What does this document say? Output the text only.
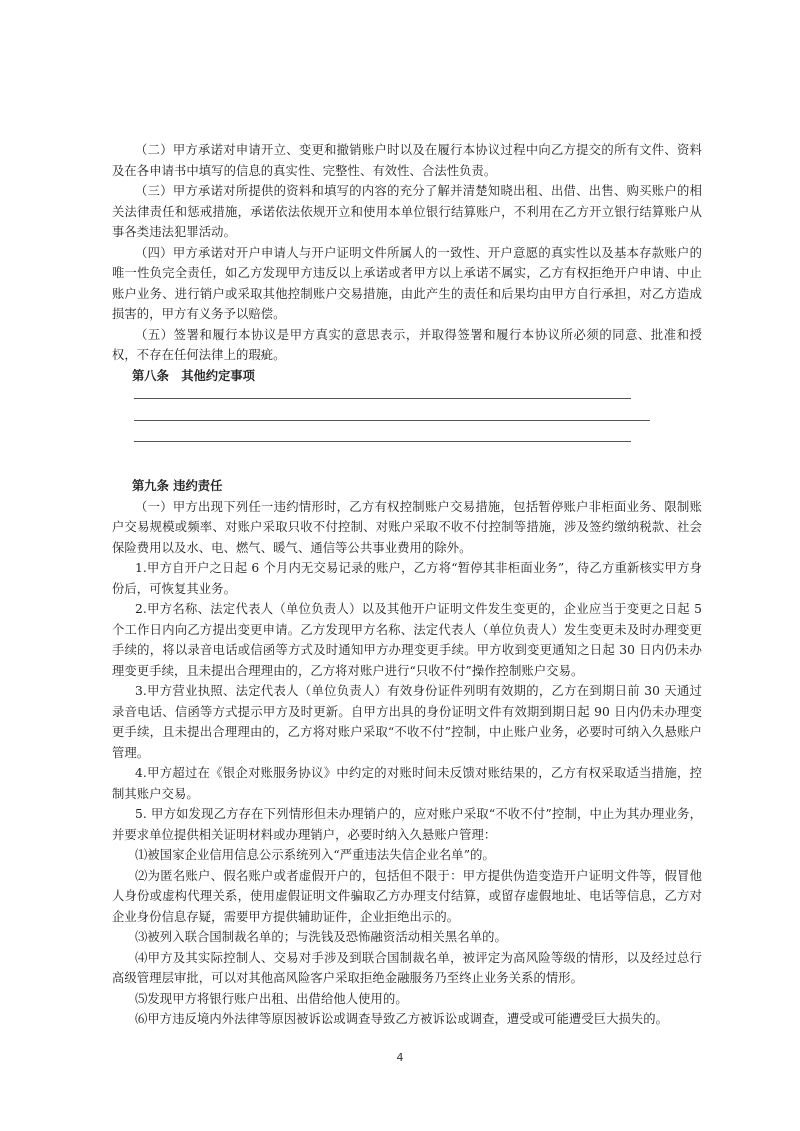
（二）甲方承诺对申请开立、变更和撤销账户时以及在履行本协议过程中向乙方提交的所有文件、资料及在各申请书中填写的信息的真实性、完整性、有效性、合法性负责。

（三）甲方承诺对所提供的资料和填写的内容的充分了解并清楚知晓出租、出借、出售、购买账户的相关法律责任和惩戒措施，承诺依法依规开立和使用本单位银行结算账户，不利用在乙方开立银行结算账户从事各类违法犯罪活动。

（四）甲方承诺对开户申请人与开户证明文件所属人的一致性、开户意愿的真实性以及基本存款账户的唯一性负完全责任，如乙方发现甲方违反以上承诺或者甲方以上承诺不属实，乙方有权拒绝开户申请、中止账户业务、进行销户或采取其他控制账户交易措施，由此产生的责任和后果均由甲方自行承担，对乙方造成损害的，甲方有义务予以赔偿。

（五）签署和履行本协议是甲方真实的意思表示，并取得签署和履行本协议所必须的同意、批准和授权，不存在任何法律上的瑕疵。

第八条　其他约定事项

第九条 违约责任

（一）甲方出现下列任一违约情形时，乙方有权控制账户交易措施，包括暂停账户非柜面业务、限制账户交易规模或频率、对账户采取只收不付控制、对账户采取不收不付控制等措施，涉及签约缴纳税款、社会保险费用以及水、电、燃气、暖气、通信等公共事业费用的除外。

1.甲方自开户之日起 6 个月内无交易记录的账户，乙方将“暂停其非柜面业务”，待乙方重新核实甲方身份后，可恢复其业务。

2.甲方名称、法定代表人（单位负责人）以及其他开户证明文件发生变更的，企业应当于变更之日起 5 个工作日内向乙方提出变更申请。乙方发现甲方名称、法定代表人（单位负责人）发生变更未及时办理变更手续的，将以录音电话或信函等方式及时通知甲方办理变更手续。甲方收到变更通知之日起 30 日内仍未办理变更手续，且未提出合理理由的，乙方将对账户进行“只收不付”操作控制账户交易。

3.甲方营业执照、法定代表人（单位负责人）有效身份证件列明有效期的，乙方在到期日前 30 天通过录音电话、信函等方式提示甲方及时更新。自甲方出具的身份证明文件有效期到期日起 90 日内仍未办理变更手续，且未提出合理理由的，乙方将对账户采取“不收不付”控制，中止账户业务，必要时可纳入久悬账户管理。

4.甲方超过在《银企对账服务协议》中约定的对账时间未反馈对账结果的，乙方有权采取适当措施，控制其账户交易。

5. 甲方如发现乙方存在下列情形但未办理销户的，应对账户采取“不收不付”控制，中止为其办理业务，并要求单位提供相关证明材料或办理销户，必要时纳入久悬账户管理：

⑴被国家企业信用信息公示系统列入“严重违法失信企业名单”的。

⑵为匿名账户、假名账户或者虚假开户的，包括但不限于：甲方提供伪造变造开户证明文件等，假冒他人身份或虚构代理关系，使用虚假证明文件骗取乙方办理支付结算，或留存虚假地址、电话等信息，乙方对企业身份信息存疑，需要甲方提供辅助证件，企业拒绝出示的。

⑶被列入联合国制裁名单的；与洗钱及恐怖融资活动相关黑名单的。

⑷甲方及其实际控制人、交易对手涉及到联合国制裁名单，被评定为高风险等级的情形，以及经过总行高级管理层审批，可以对其他高风险客户采取拒绝金融服务乃至终止业务关系的情形。

⑸发现甲方将银行账户出租、出借给他人使用的。

⑹甲方违反境内外法律等原因被诉讼或调查导致乙方被诉讼或调查，遭受或可能遭受巨大损失的。

4
